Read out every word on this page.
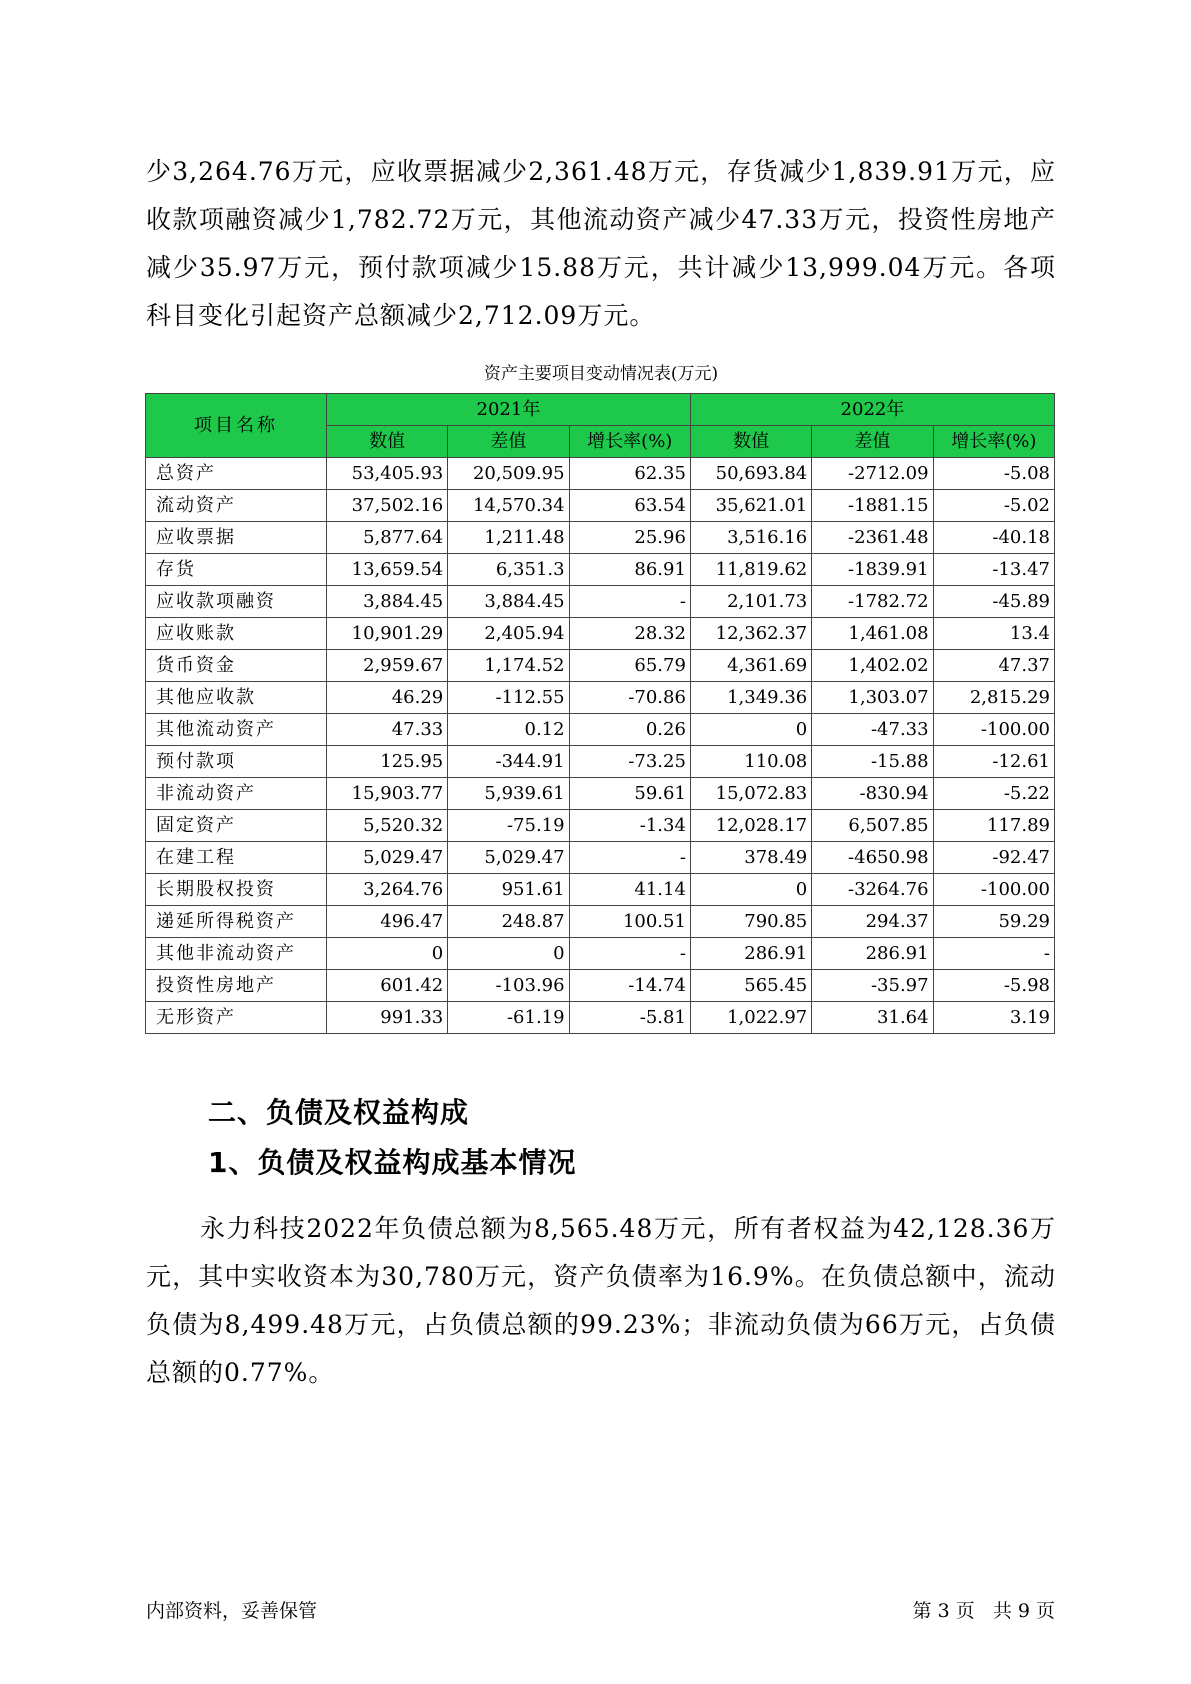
少3,264.76万元，应收票据减少2,361.48万元，存货减少1,839.91万元，应收款项融资减少1,782.72万元，其他流动资产减少47.33万元，投资性房地产减少35.97万元，预付款项减少15.88万元，共计减少13,999.04万元。各项科目变化引起资产总额减少2,712.09万元。
资产主要项目变动情况表(万元)
项目名称	2021年			2022年		
	数值	差值	增长率(%)	数值	差值	增长率(%)
总资产	53,405.93	20,509.95	62.35	50,693.84	-2712.09	-5.08
流动资产	37,502.16	14,570.34	63.54	35,621.01	-1881.15	-5.02
应收票据	5,877.64	1,211.48	25.96	3,516.16	-2361.48	-40.18
存货	13,659.54	6,351.3	86.91	11,819.62	-1839.91	-13.47
应收款项融资	3,884.45	3,884.45	-	2,101.73	-1782.72	-45.89
应收账款	10,901.29	2,405.94	28.32	12,362.37	1,461.08	13.4
货币资金	2,959.67	1,174.52	65.79	4,361.69	1,402.02	47.37
其他应收款	46.29	-112.55	-70.86	1,349.36	1,303.07	2,815.29
其他流动资产	47.33	0.12	0.26	0	-47.33	-100.00
预付款项	125.95	-344.91	-73.25	110.08	-15.88	-12.61
非流动资产	15,903.77	5,939.61	59.61	15,072.83	-830.94	-5.22
固定资产	5,520.32	-75.19	-1.34	12,028.17	6,507.85	117.89
在建工程	5,029.47	5,029.47	-	378.49	-4650.98	-92.47
长期股权投资	3,264.76	951.61	41.14	0	-3264.76	-100.00
递延所得税资产	496.47	248.87	100.51	790.85	294.37	59.29
其他非流动资产	0	0	-	286.91	286.91	-
投资性房地产	601.42	-103.96	-14.74	565.45	-35.97	-5.98
无形资产	991.33	-61.19	-5.81	1,022.97	31.64	3.19
二、负债及权益构成
1、负债及权益构成基本情况
永力科技2022年负债总额为8,565.48万元，所有者权益为42,128.36万元，其中实收资本为30,780万元，资产负债率为16.9%。在负债总额中，流动负债为8,499.48万元，占负债总额的99.23%；非流动负债为66万元，占负债总额的0.77%。
内部资料，妥善保管	第 3 页   共 9 页
